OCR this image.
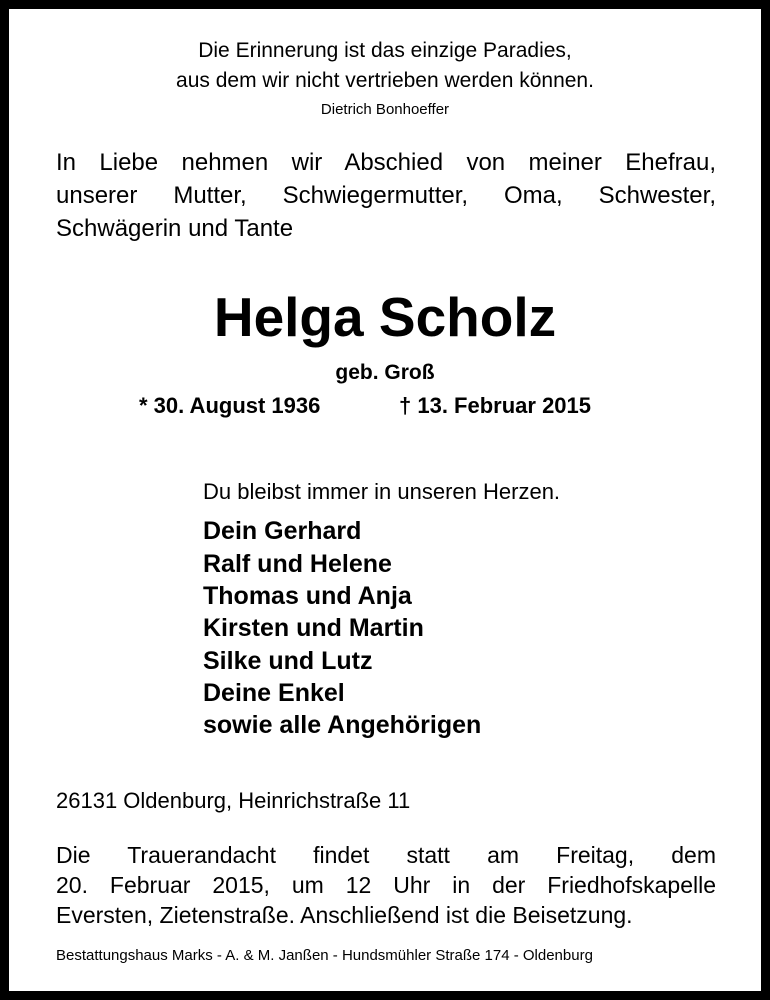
Die Erinnerung ist das einzige Paradies,
aus dem wir nicht vertrieben werden können.
Dietrich Bonhoeffer
In Liebe nehmen wir Abschied von meiner Ehefrau,
unserer Mutter, Schwiegermutter, Oma, Schwester,
Schwägerin und Tante
Helga Scholz
geb. Groß
* 30. August 1936	† 13. Februar 2015
Du bleibst immer in unseren Herzen.
Dein Gerhard
Ralf und Helene
Thomas und Anja
Kirsten und Martin
Silke und Lutz
Deine Enkel
sowie alle Angehörigen
26131 Oldenburg, Heinrichstraße 11
Die Trauerandacht findet statt am Freitag, dem
20. Februar 2015, um 12 Uhr in der Friedhofskapelle
Eversten, Zietenstraße. Anschließend ist die Beisetzung.
Bestattungshaus Marks - A. & M. Janßen - Hundsmühler Straße 174 - Oldenburg
